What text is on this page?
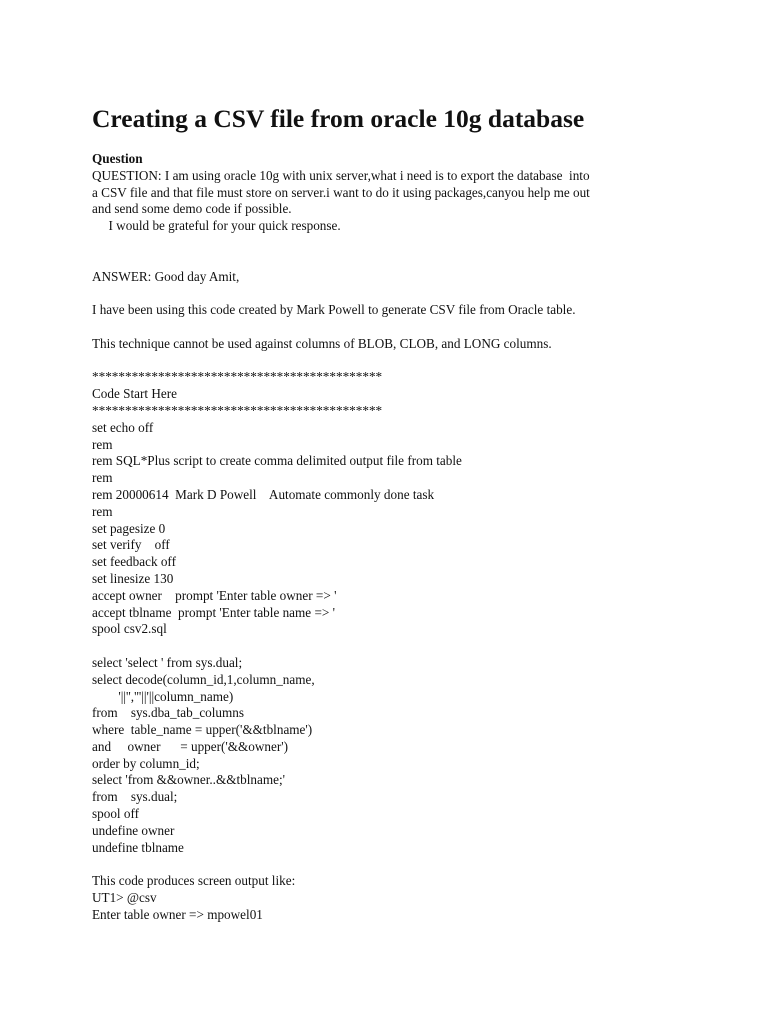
Creating a CSV file from oracle 10g database
Question
QUESTION: I am using oracle 10g with unix server,what i need is to export the database  into
a CSV file and that file must store on server.i want to do it using packages,canyou help me out
and send some demo code if possible.
I would be grateful for your quick response.
ANSWER: Good day Amit,
I have been using this code created by Mark Powell to generate CSV file from Oracle table.
This technique cannot be used against columns of BLOB, CLOB, and LONG columns.
********************************************
Code Start Here
********************************************
set echo off
rem
rem SQL*Plus script to create comma delimited output file from table
rem
rem 20000614  Mark D Powell    Automate commonly done task
rem
set pagesize 0
set verify    off
set feedback off
set linesize 130
accept owner    prompt 'Enter table owner => '
accept tblname  prompt 'Enter table name => '
spool csv2.sql
select 'select ' from sys.dual;
select decode(column_id,1,column_name,
'||'','''||'||column_name)
from    sys.dba_tab_columns
where  table_name = upper('&&tblname')
and     owner      = upper('&&owner')
order by column_id;
select 'from &&owner..&&tblname;'
from    sys.dual;
spool off
undefine owner
undefine tblname
This code produces screen output like:
UT1> @csv
Enter table owner => mpowel01
